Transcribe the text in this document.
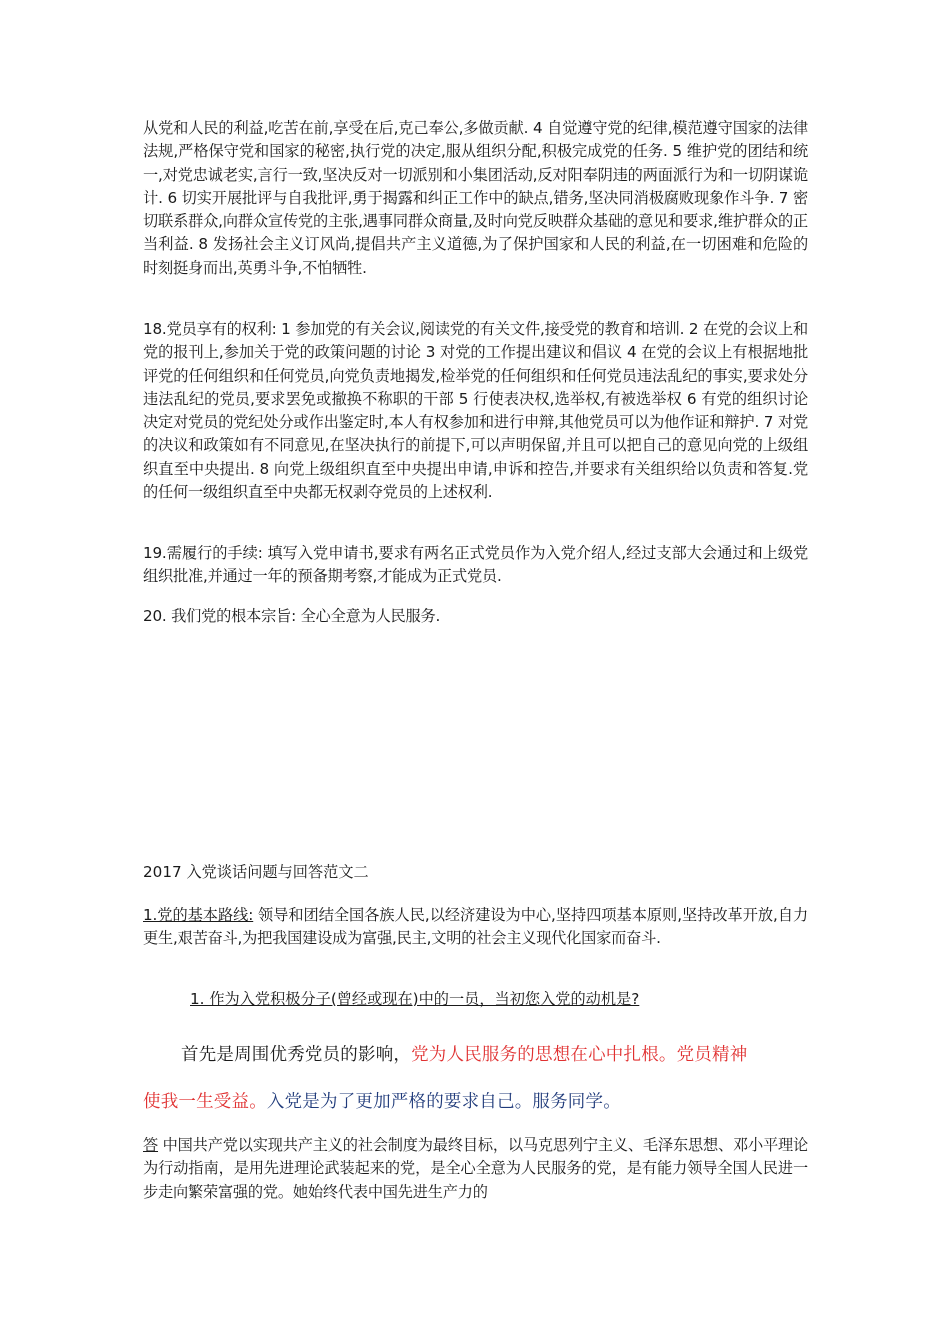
从党和人民的利益,吃苦在前,享受在后,克己奉公,多做贡献. 4 自觉遵守党的纪律,模范遵守国家的法律法规,严格保守党和国家的秘密,执行党的决定,服从组织分配,积极完成党的任务. 5 维护党的团结和统一,对党忠诚老实,言行一致,坚决反对一切派别和小集团活动,反对阳奉阴违的两面派行为和一切阴谋诡计. 6 切实开展批评与自我批评,勇于揭露和纠正工作中的缺点,错务,坚决同消极腐败现象作斗争. 7 密切联系群众,向群众宣传党的主张,遇事同群众商量,及时向党反映群众基础的意见和要求,维护群众的正当利益. 8 发扬社会主义订风尚,提倡共产主义道德,为了保护国家和人民的利益,在一切困难和危险的时刻挺身而出,英勇斗争,不怕牺牲.

18.党员享有的权利: 1 参加党的有关会议,阅读党的有关文件,接受党的教育和培训. 2 在党的会议上和党的报刊上,参加关于党的政策问题的讨论 3 对党的工作提出建议和倡议 4 在党的会议上有根据地批评党的任何组织和任何党员,向党负责地揭发,检举党的任何组织和任何党员违法乱纪的事实,要求处分违法乱纪的党员,要求罢免或撤换不称职的干部 5 行使表决权,选举权,有被选举权 6 有党的组织讨论决定对党员的党纪处分或作出鉴定时,本人有权参加和进行申辩,其他党员可以为他作证和辩护. 7 对党的决议和政策如有不同意见,在坚决执行的前提下,可以声明保留,并且可以把自己的意见向党的上级组织直至中央提出. 8 向党上级组织直至中央提出申请,申诉和控告,并要求有关组织给以负责和答复.党的任何一级组织直至中央都无权剥夺党员的上述权利.

19.需履行的手续: 填写入党申请书,要求有两名正式党员作为入党介绍人,经过支部大会通过和上级党组织批准,并通过一年的预备期考察,才能成为正式党员.

20. 我们党的根本宗旨: 全心全意为人民服务.

2017 入党谈话问题与回答范文二

1.党的基本路线: 领导和团结全国各族人民,以经济建设为中心,坚持四项基本原则,坚持改革开放,自力更生,艰苦奋斗,为把我国建设成为富强,民主,文明的社会主义现代化国家而奋斗.

1. 作为入党积极分子(曾经或现在)中的一员，当初您入党的动机是?

首先是周围优秀党员的影响，党为人民服务的思想在心中扎根。党员精神

使我一生受益。入党是为了更加严格的要求自己。服务同学。

答 中国共产党以实现共产主义的社会制度为最终目标，以马克思列宁主义、毛泽东思想、邓小平理论为行动指南，是用先进理论武装起来的党，是全心全意为人民服务的党，是有能力领导全国人民进一步走向繁荣富强的党。她始终代表中国先进生产力的
